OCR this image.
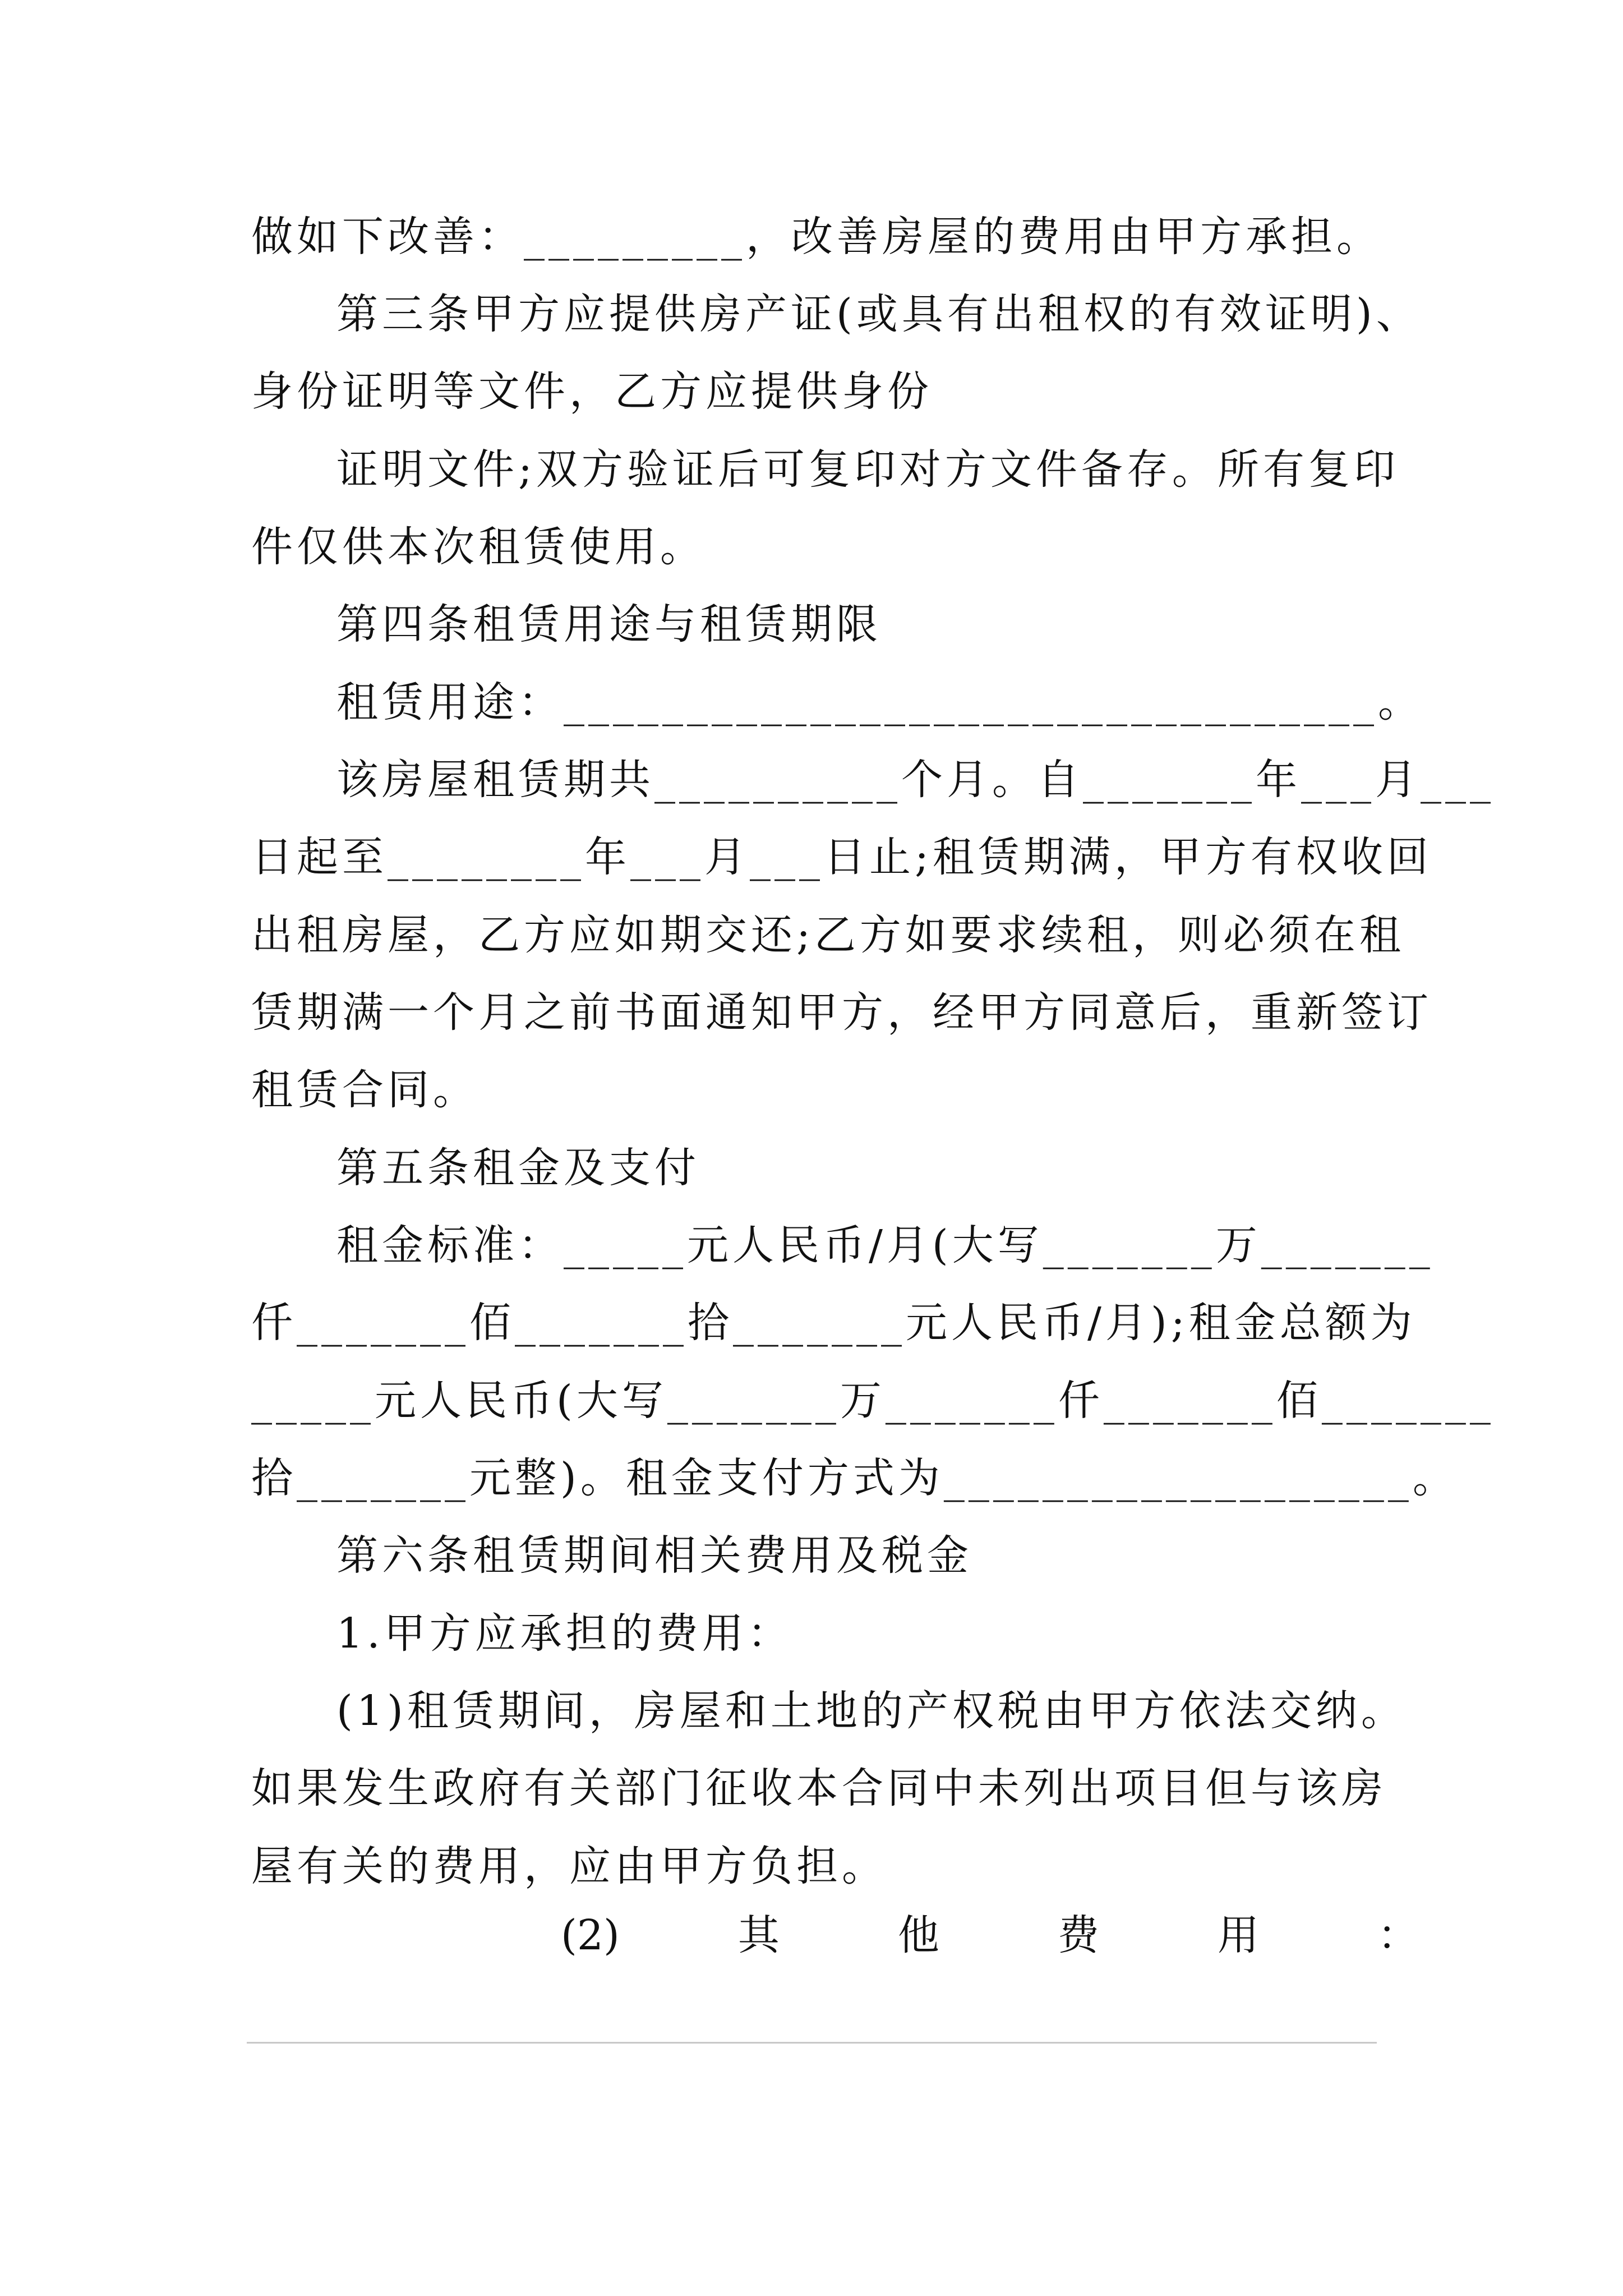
做如下改善：_________，改善房屋的费用由甲方承担。
第三条甲方应提供房产证(或具有出租权的有效证明)、
身份证明等文件，乙方应提供身份
证明文件;双方验证后可复印对方文件备存。所有复印
件仅供本次租赁使用。
第四条租赁用途与租赁期限
租赁用途：_________________________________。
该房屋租赁期共__________个月。自_______年___月___
日起至________年___月___日止;租赁期满，甲方有权收回
出租房屋，乙方应如期交还;乙方如要求续租，则必须在租
赁期满一个月之前书面通知甲方，经甲方同意后，重新签订
租赁合同。
第五条租金及支付
租金标准：_____元人民币/月(大写_______万_______
仟_______佰_______拾_______元人民币/月);租金总额为
_____元人民币(大写_______万_______仟_______佰_______
拾_______元整)。租金支付方式为___________________。
第六条租赁期间相关费用及税金
1.甲方应承担的费用：
(1)租赁期间，房屋和土地的产权税由甲方依法交纳。
如果发生政府有关部门征收本合同中未列出项目但与该房
屋有关的费用，应由甲方负担。
(2)	其	他	费	用	：
